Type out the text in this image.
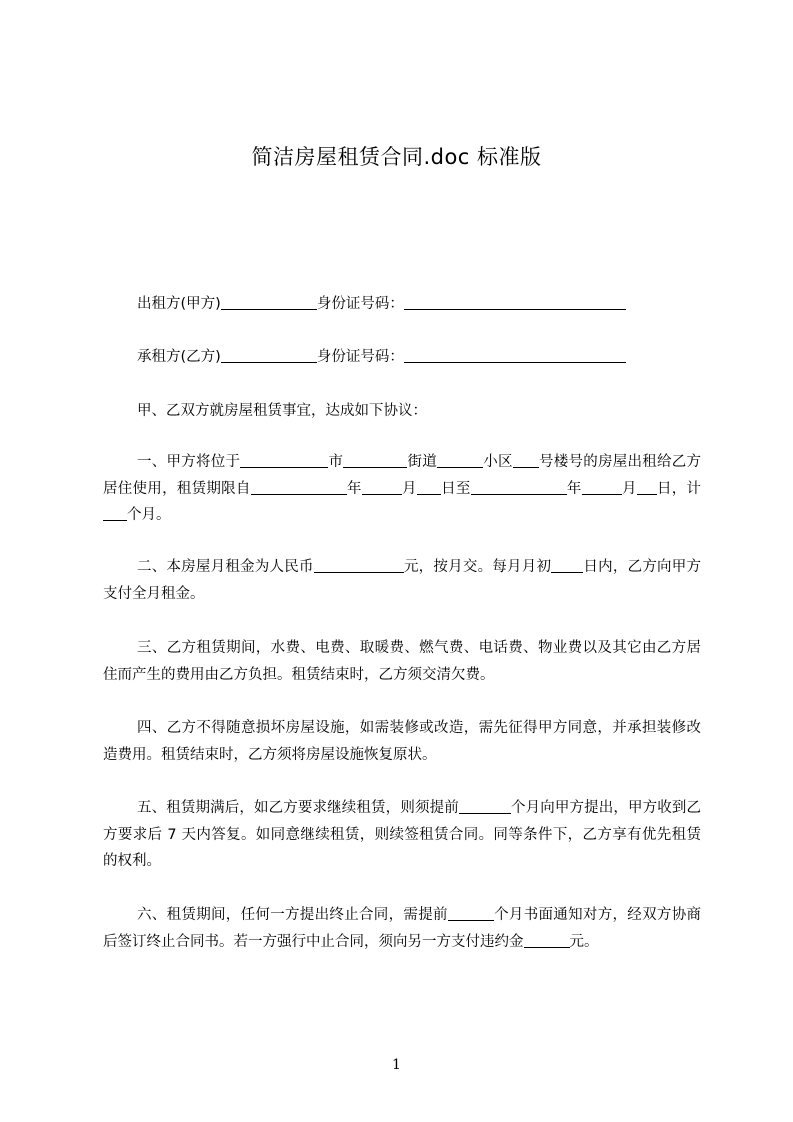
简洁房屋租赁合同.doc 标准版
出租方(甲方)	身份证号码：
承租方(乙方)	身份证号码：
甲、乙双方就房屋租赁事宜，达成如下协议：
一、甲方将位于	市	街道	小区 号楼号的房屋出租给乙方居住使用，租赁期限自	年	月 日至	年	月 日，计个月。
二、本房屋月租金为人民币	元，按月交。每月月初 日内，乙方向甲方支付全月租金。
三、乙方租赁期间，水费、电费、取暖费、燃气费、电话费、物业费以及其它由乙方居住而产生的费用由乙方负担。租赁结束时，乙方须交清欠费。
四、乙方不得随意损坏房屋设施，如需装修或改造，需先征得甲方同意，并承担装修改造费用。租赁结束时，乙方须将房屋设施恢复原状。
五、租赁期满后，如乙方要求继续租赁，则须提前	个月向甲方提出，甲方收到乙方要求后 7 天内答复。如同意继续租赁，则续签租赁合同。同等条件下，乙方享有优先租赁的权利。
六、租赁期间，任何一方提出终止合同，需提前	个月书面通知对方，经双方协商后签订终止合同书。若一方强行中止合同，须向另一方支付违约金	元。
1
